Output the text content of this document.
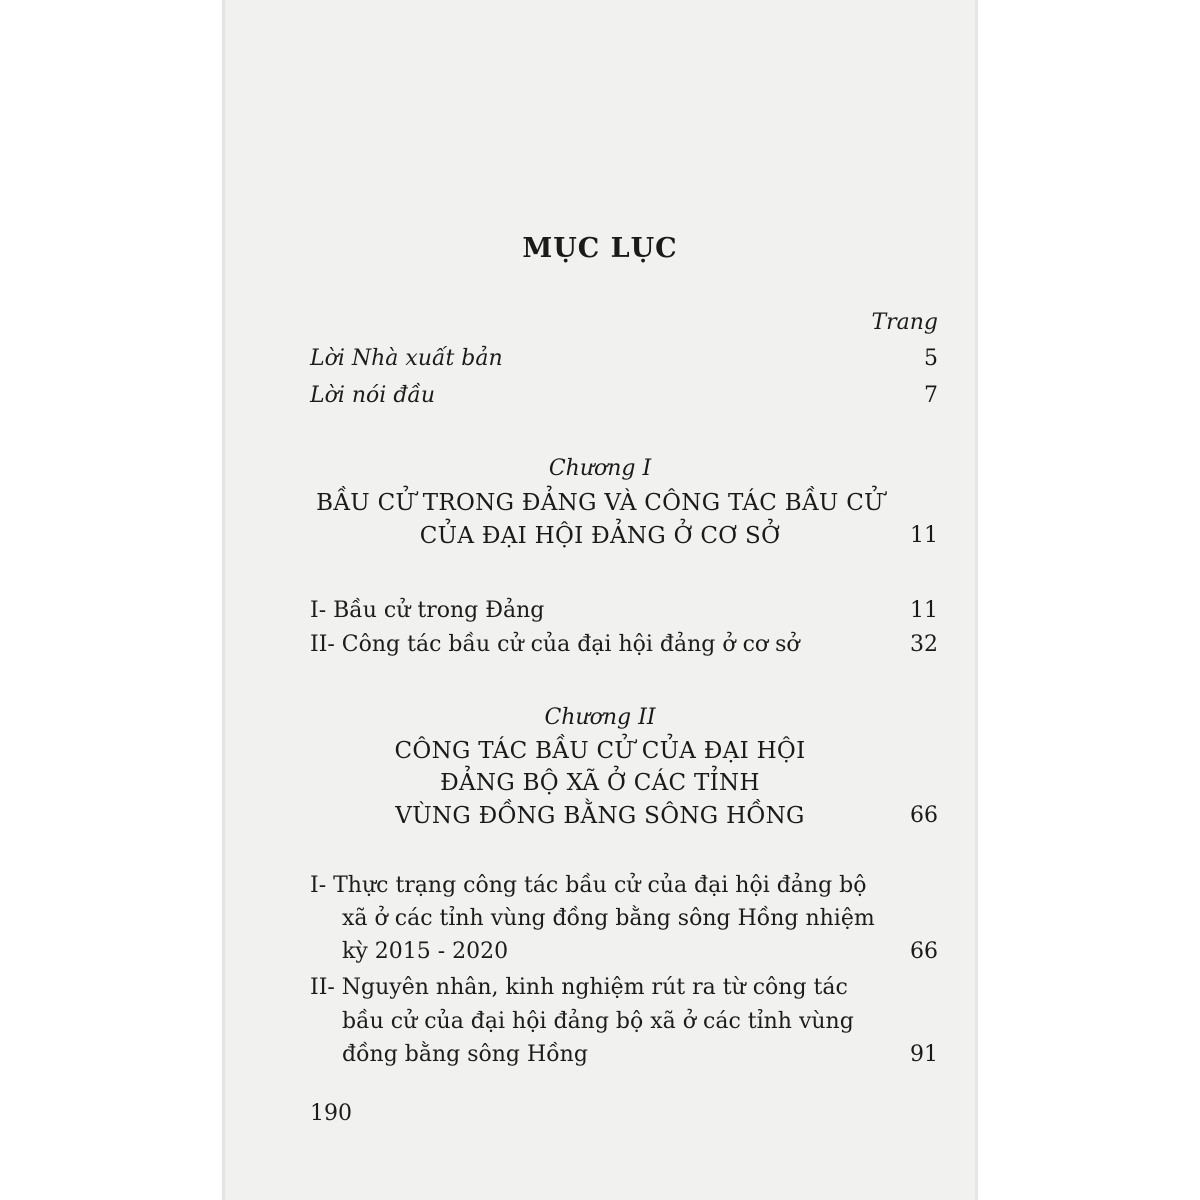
MỤC LỤC
Trang
Lời Nhà xuất bản	5
Lời nói đầu	7
Chương I
BẦU CỬ TRONG ĐẢNG VÀ CÔNG TÁC BẦU CỬ
CỦA ĐẠI HỘI ĐẢNG Ở CƠ SỞ	11
I- Bầu cử trong Đảng	11
II- Công tác bầu cử của đại hội đảng ở cơ sở	32
Chương II
CÔNG TÁC BẦU CỬ CỦA ĐẠI HỘI
ĐẢNG BỘ XÃ Ở CÁC TỈNH
VÙNG ĐỒNG BẰNG SÔNG HỒNG	66
I- Thực trạng công tác bầu cử của đại hội đảng bộ
xã ở các tỉnh vùng đồng bằng sông Hồng nhiệm
kỳ 2015 - 2020	66
II- Nguyên nhân, kinh nghiệm rút ra từ công tác
bầu cử của đại hội đảng bộ xã ở các tỉnh vùng
đồng bằng sông Hồng	91
190
